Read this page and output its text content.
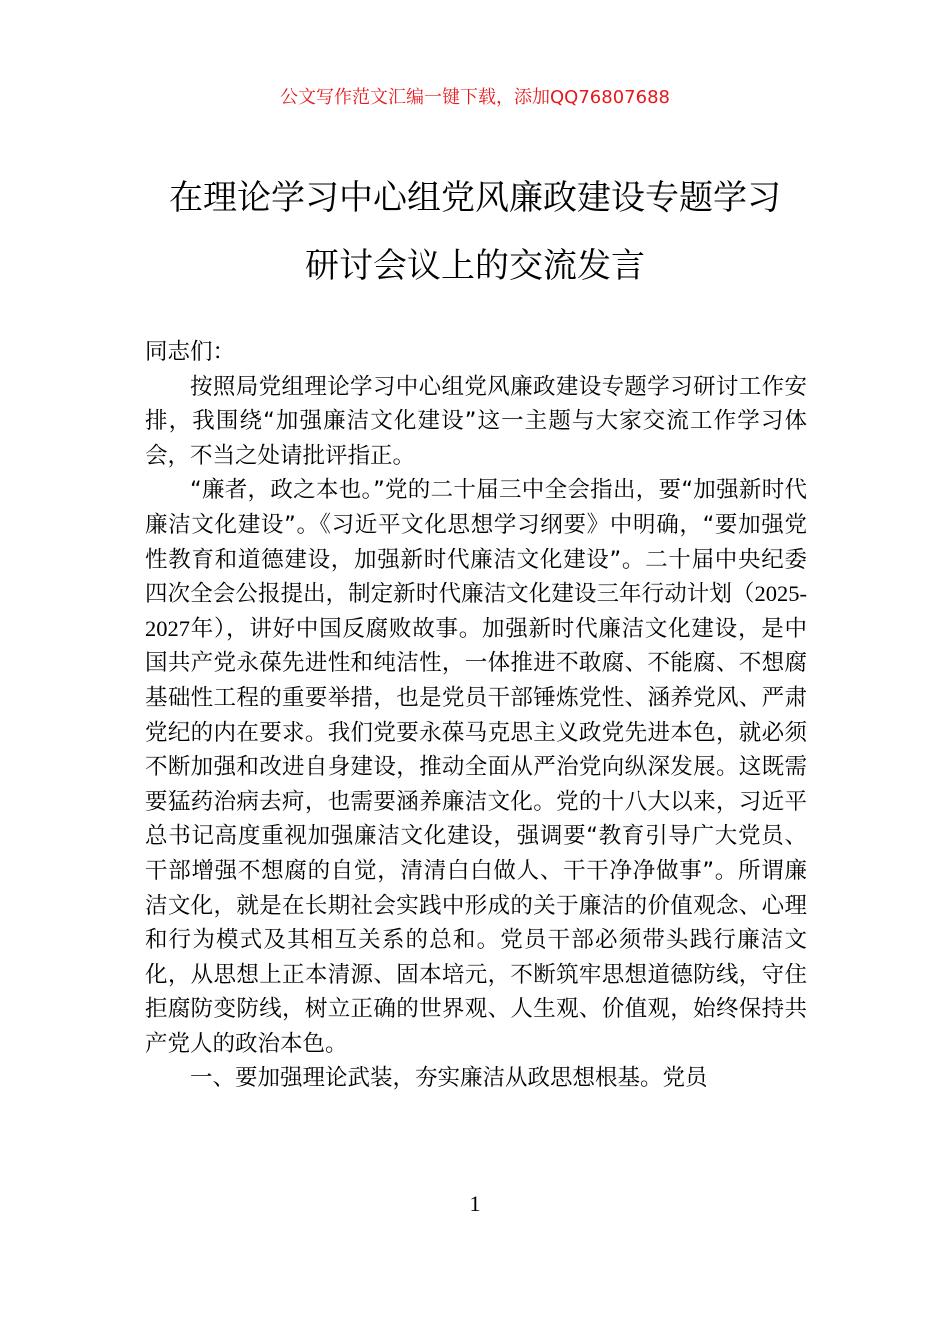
公文写作范文汇编一键下载，添加QQ76807688
在理论学习中心组党风廉政建设专题学习
研讨会议上的交流发言

同志们：

按照局党组理论学习中心组党风廉政建设专题学习研讨工作安排，我围绕“加强廉洁文化建设”这一主题与大家交流工作学习体会，不当之处请批评指正。

“廉者，政之本也。”党的二十届三中全会指出，要“加强新时代廉洁文化建设”。《习近平文化思想学习纲要》中明确，“要加强党性教育和道德建设，加强新时代廉洁文化建设”。二十届中央纪委四次全会公报提出，制定新时代廉洁文化建设三年行动计划（2025-2027年），讲好中国反腐败故事。加强新时代廉洁文化建设，是中国共产党永葆先进性和纯洁性，一体推进不敢腐、不能腐、不想腐基础性工程的重要举措，也是党员干部锤炼党性、涵养党风、严肃党纪的内在要求。我们党要永葆马克思主义政党先进本色，就必须不断加强和改进自身建设，推动全面从严治党向纵深发展。这既需要猛药治病去疴，也需要涵养廉洁文化。党的十八大以来，习近平总书记高度重视加强廉洁文化建设，强调要“教育引导广大党员、干部增强不想腐的自觉，清清白白做人、干干净净做事”。所谓廉洁文化，就是在长期社会实践中形成的关于廉洁的价值观念、心理和行为模式及其相互关系的总和。党员干部必须带头践行廉洁文化，从思想上正本清源、固本培元，不断筑牢思想道德防线，守住拒腐防变防线，树立正确的世界观、人生观、价值观，始终保持共产党人的政治本色。

一、要加强理论武装，夯实廉洁从政思想根基。党员

1
